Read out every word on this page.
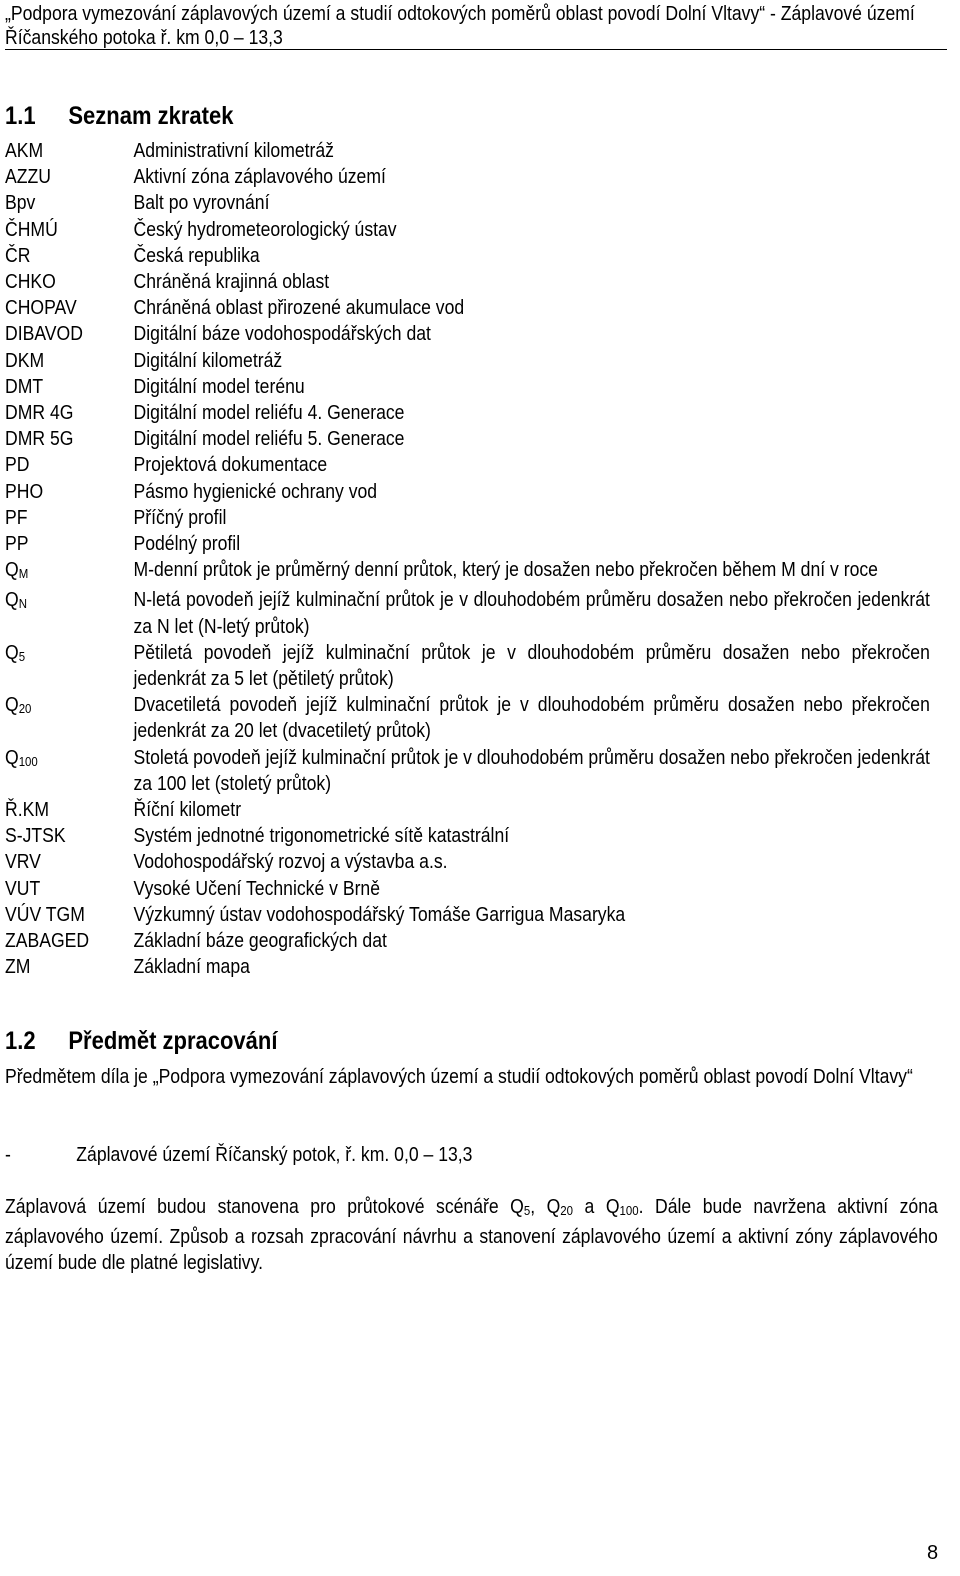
„Podpora vymezování záplavových území a studií odtokových poměrů oblast povodí Dolní Vltavy“ - Záplavové území Říčanského potoka ř. km 0,0 – 13,3
1.1 Seznam zkratek
AKM	Administrativní kilometráž
AZZU	Aktivní zóna záplavového území
Bpv	Balt po vyrovnání
ČHMÚ	Český hydrometeorologický ústav
ČR	Česká republika
CHKO	Chráněná krajinná oblast
CHOPAV	Chráněná oblast přirozené akumulace vod
DIBAVOD	Digitální báze vodohospodářských dat
DKM	Digitální kilometráž
DMT	Digitální model terénu
DMR 4G	Digitální model reliéfu 4. Generace
DMR 5G	Digitální model reliéfu 5. Generace
PD	Projektová dokumentace
PHO	Pásmo hygienické ochrany vod
PF	Příčný profil
PP	Podélný profil
$Q_M$	M-denní průtok je průměrný denní průtok, který je dosažen nebo překročen během M dní v roce
$Q_N$	N-letá povodeň jejíž kulminační průtok je v dlouhodobém průměru dosažen nebo překročen jedenkrát za N let (N-letý průtok)
$Q_5$	Pětiletá povodeň jejíž kulminační průtok je v dlouhodobém průměru dosažen nebo překročen jedenkrát za 5 let (pětiletý průtok)
$Q_{20}$	Dvacetiletá povodeň jejíž kulminační průtok je v dlouhodobém průměru dosažen nebo překročen jedenkrát za 20 let (dvacetiletý průtok)
$Q_{100}$	Stoletá povodeň jejíž kulminační průtok je v dlouhodobém průměru dosažen nebo překročen jedenkrát za 100 let (stoletý průtok)
Ř.KM	Říční kilometr
S-JTSK	Systém jednotné trigonometrické sítě katastrální
VRV	Vodohospodářský rozvoj a výstavba a.s.
VUT	Vysoké Učení Technické v Brně
VÚV TGM	Výzkumný ústav vodohospodářský Tomáše Garrigua Masaryka
ZABAGED	Základní báze geografických dat
ZM	Základní mapa
1.2 Předmět zpracování
Předmětem díla je „Podpora vymezování záplavových území a studií odtokových poměrů oblast povodí Dolní Vltavy“
-	Záplavové území Říčanský potok, ř. km. 0,0 – 13,3
Záplavová území budou stanovena pro průtokové scénáře $Q_5$, $Q_{20}$ a $Q_{100}$. Dále bude navržena aktivní zóna záplavového území. Způsob a rozsah zpracování návrhu a stanovení záplavového území a aktivní zóny záplavového území bude dle platné legislativy.
8
